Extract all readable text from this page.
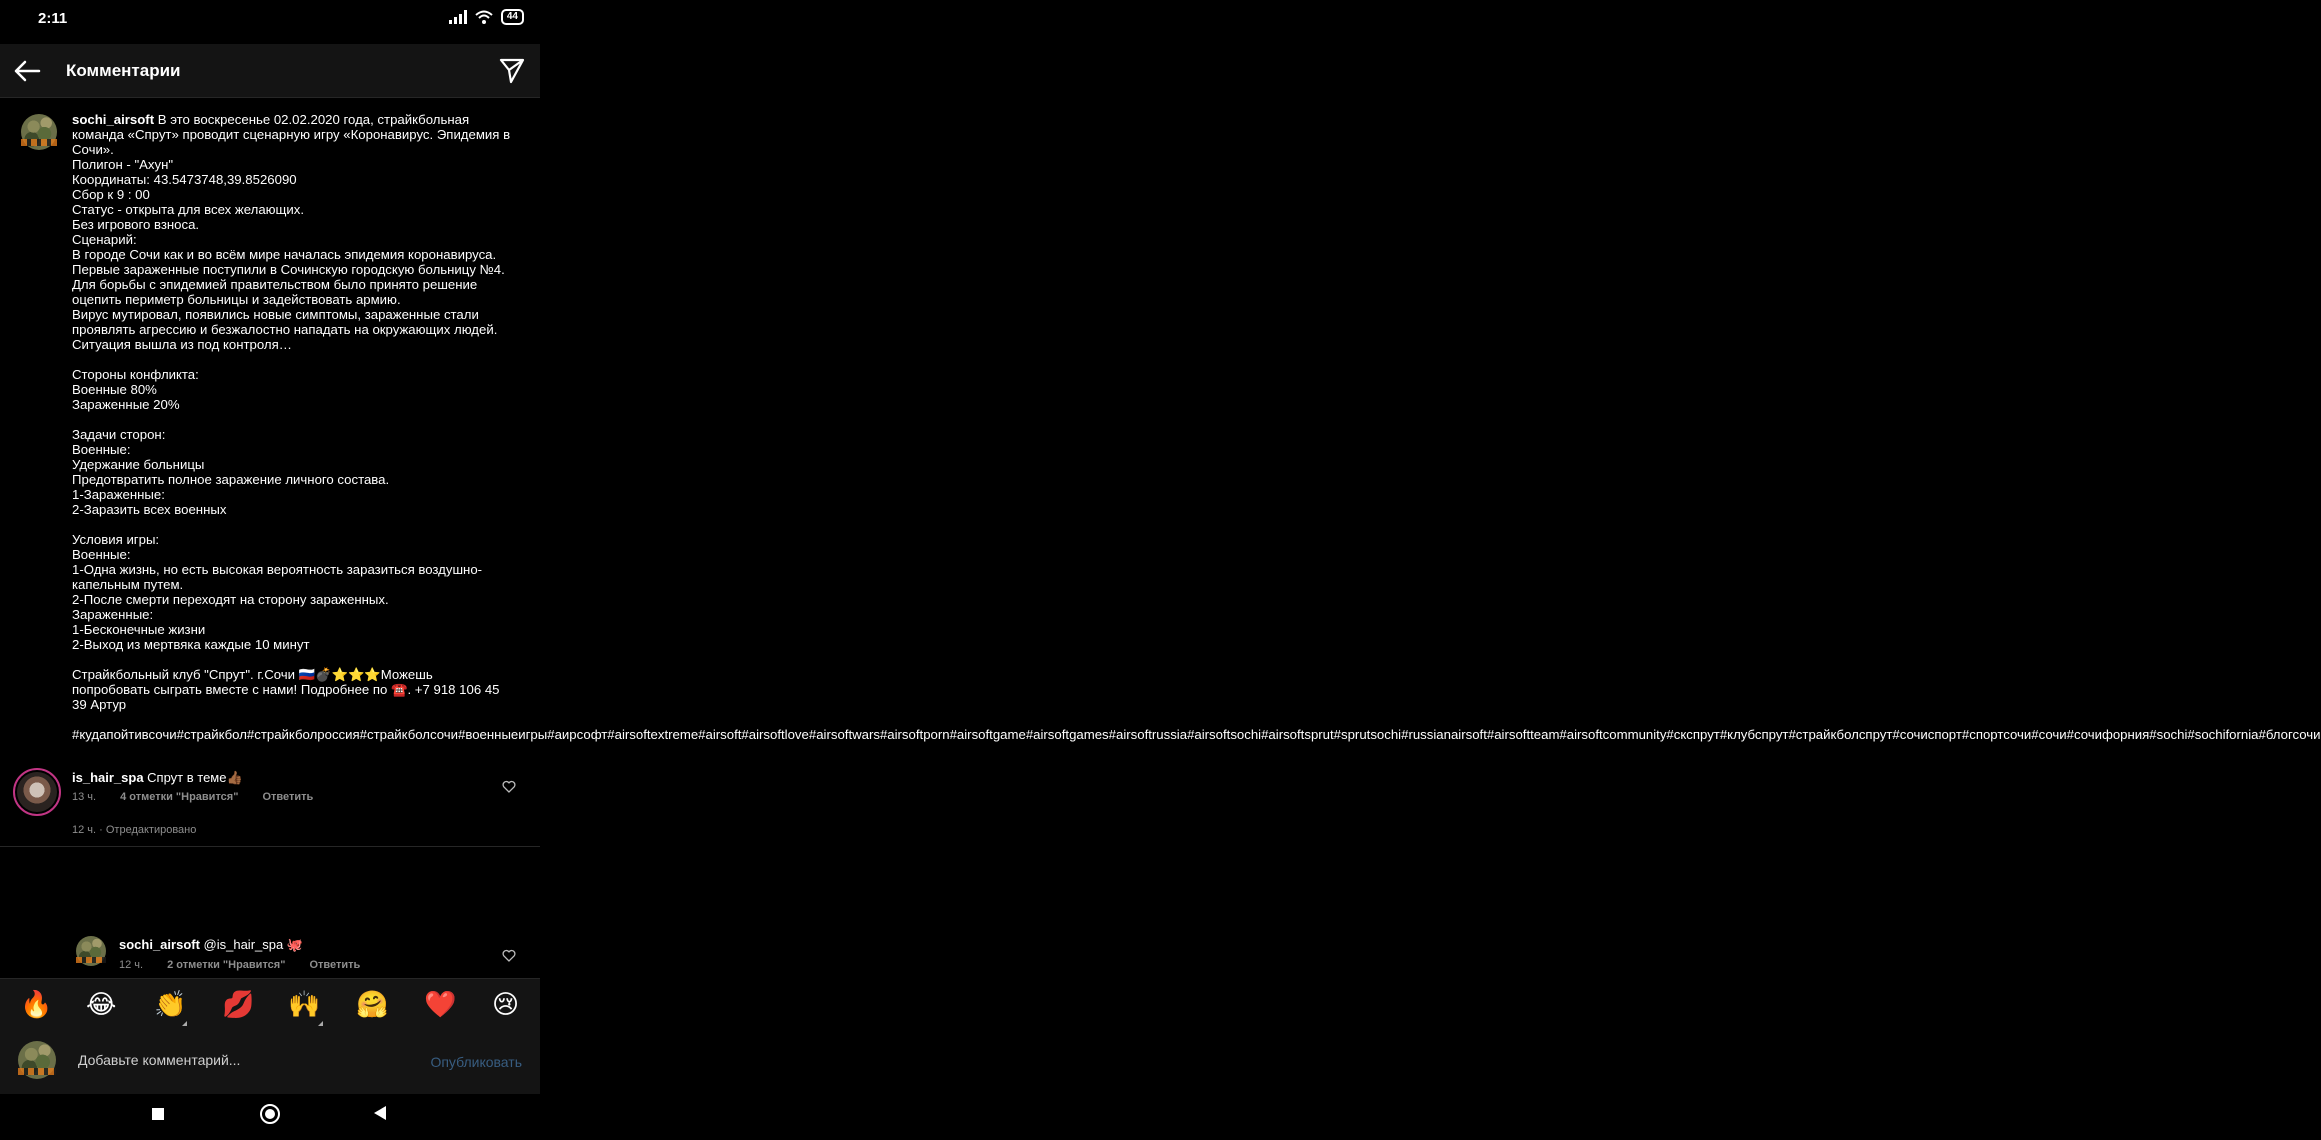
2:11	44
Комментарии
sochi_airsoft В это воскресенье 02.02.2020 года, страйкбольная команда «Спрут» проводит сценарную игру «Коронавирус. Эпидемия в Сочи».
Полигон - "Ахун"
Координаты: 43.5473748,39.8526090
Сбор к 9 : 00
Статус - открыта для всех желающих.
Без игрового взноса.
Сценарий:
В городе Сочи как и во всём мире началась эпидемия коронавируса. Первые зараженные поступили в Сочинскую городскую больницу №4. Для борьбы с эпидемией правительством было принято решение оцепить периметр больницы и задействовать армию.
Вирус мутировал, появились новые симптомы, зараженные стали проявлять агрессию и безжалостно нападать на окружающих людей. Ситуация вышла из под контроля…

Стороны конфликта:
Военные 80%
Зараженные 20%

Задачи сторон:
Военные:
Удержание больницы
Предотвратить полное заражение личного состава.
1-Зараженные:
2-Заразить всех военных

Условия игры:
Военные:
1-Одна жизнь, но есть высокая вероятность заразиться воздушно-капельным путем.
2-После смерти переходят на сторону зараженных.
Зараженные:
1-Бесконечные жизни
2-Выход из мертвяка каждые 10 минут

Страйкбольный клуб "Спрут". г.Сочи 🇷🇺💣⭐⭐⭐Можешь попробовать сыграть вместе с нами! Подробнее по ☎️. +7 918 106 45 39 Артур

#кудапойтивсочи#страйкбол#страйкболроссия#страйкболсочи#военныеигры#аирсофт#airsoftextreme#airsoft#airsoftlove#airsoftwars#airsoftporn#airsoftgame#airsoftgames#airsoftrussia#airsoftsochi#airsoftsprut#sprutsochi#russianairsoft#airsoftteam#airsoftcommunity#скспрут#клубспрут#страйкболспрут#сочиспорт#спортсочи#сочи#сочифорния#sochi#sochifornia#блогсочи
12 ч. · Отредактировано
is_hair_spa Спрут в теме👍🏾
13 ч. 4 отметки "Нравится" Ответить
sochi_airsoft @is_hair_spa 🐙
12 ч. 2 отметки "Нравится" Ответить
🔥 😂 👏 💋 🙌 🤗 ❤️ 😢
Добавьте комментарий...
Опубликовать
